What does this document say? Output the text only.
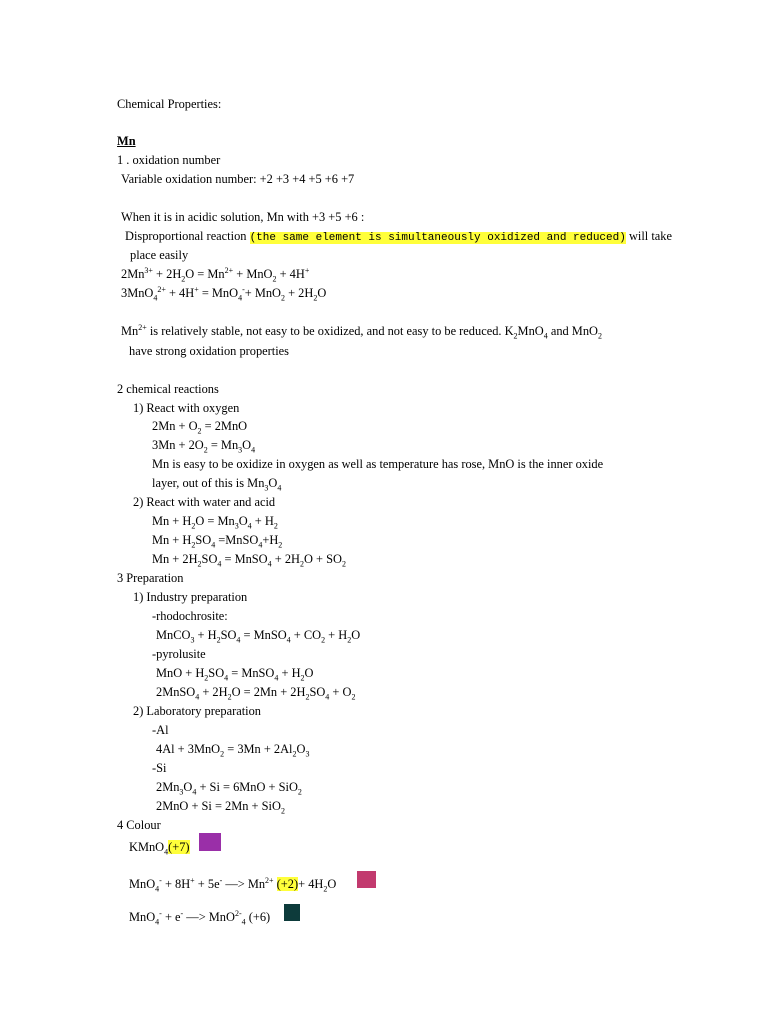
Chemical Properties:
Mn
1 . oxidation number
Variable oxidation number: +2 +3 +4 +5 +6 +7
When it is in acidic solution, Mn with +3 +5 +6 :
Disproportional reaction (the same element is simultaneously oxidized and reduced) will take
place easily
$2Mn^{3+} + 2H_2O = Mn^{2+} + MnO_2 + 4H^+$
$3MnO_4^{2+} + 4H^+ = MnO_4^-+ MnO_2 + 2H_2O$
$Mn^{2+}$ is relatively stable, not easy to be oxidized, and not easy to be reduced. $K_2MnO_4$ and MnO$_2$
have strong oxidation properties
2 chemical reactions
1) React with oxygen
$2Mn + O_2 = 2MnO$
$3Mn + 2O_2 = Mn_3O_4$
Mn is easy to be oxidize in oxygen as well as temperature has rose, MnO is the inner oxide
layer, out of this is $Mn_3O_4$
2) React with water and acid
$Mn + H_2O = Mn_3O_4 + H_2$
$Mn + H_2SO_4$ $=MnSO_4+H_2$
$Mn + 2H_2SO_4$ = MnSO$_4$ + $2H_2O + SO_2$
3 Preparation
1) Industry preparation
-rhodochrosite:
MnCO$_3$ + $H_2SO_4$ = MnSO$_4$ + $CO_2 + H_2O$
-pyrolusite
MnO + $H_2SO_4$ = MnSO$_4$ + $H_2O$
2MnSO$_4$ + $2H_2O = 2Mn + 2H_2SO_4 + O_2$
2) Laboratory preparation
-Al
$4Al + 3MnO_2 = 3Mn + 2Al_2O_3$
-Si
$2Mn_3O_4 + Si = 6MnO + SiO_2$
2MnO + Si = 2Mn + SiO$_2$
4 Colour
KMnO$_4$(+7)
MnO$_4$- + 8H+ + 5e- —> $Mn^{2+}$ $(+2)+ 4H_2O$
MnO$_4$- + e- —> MnO$^{2-}_4$ (+6)
